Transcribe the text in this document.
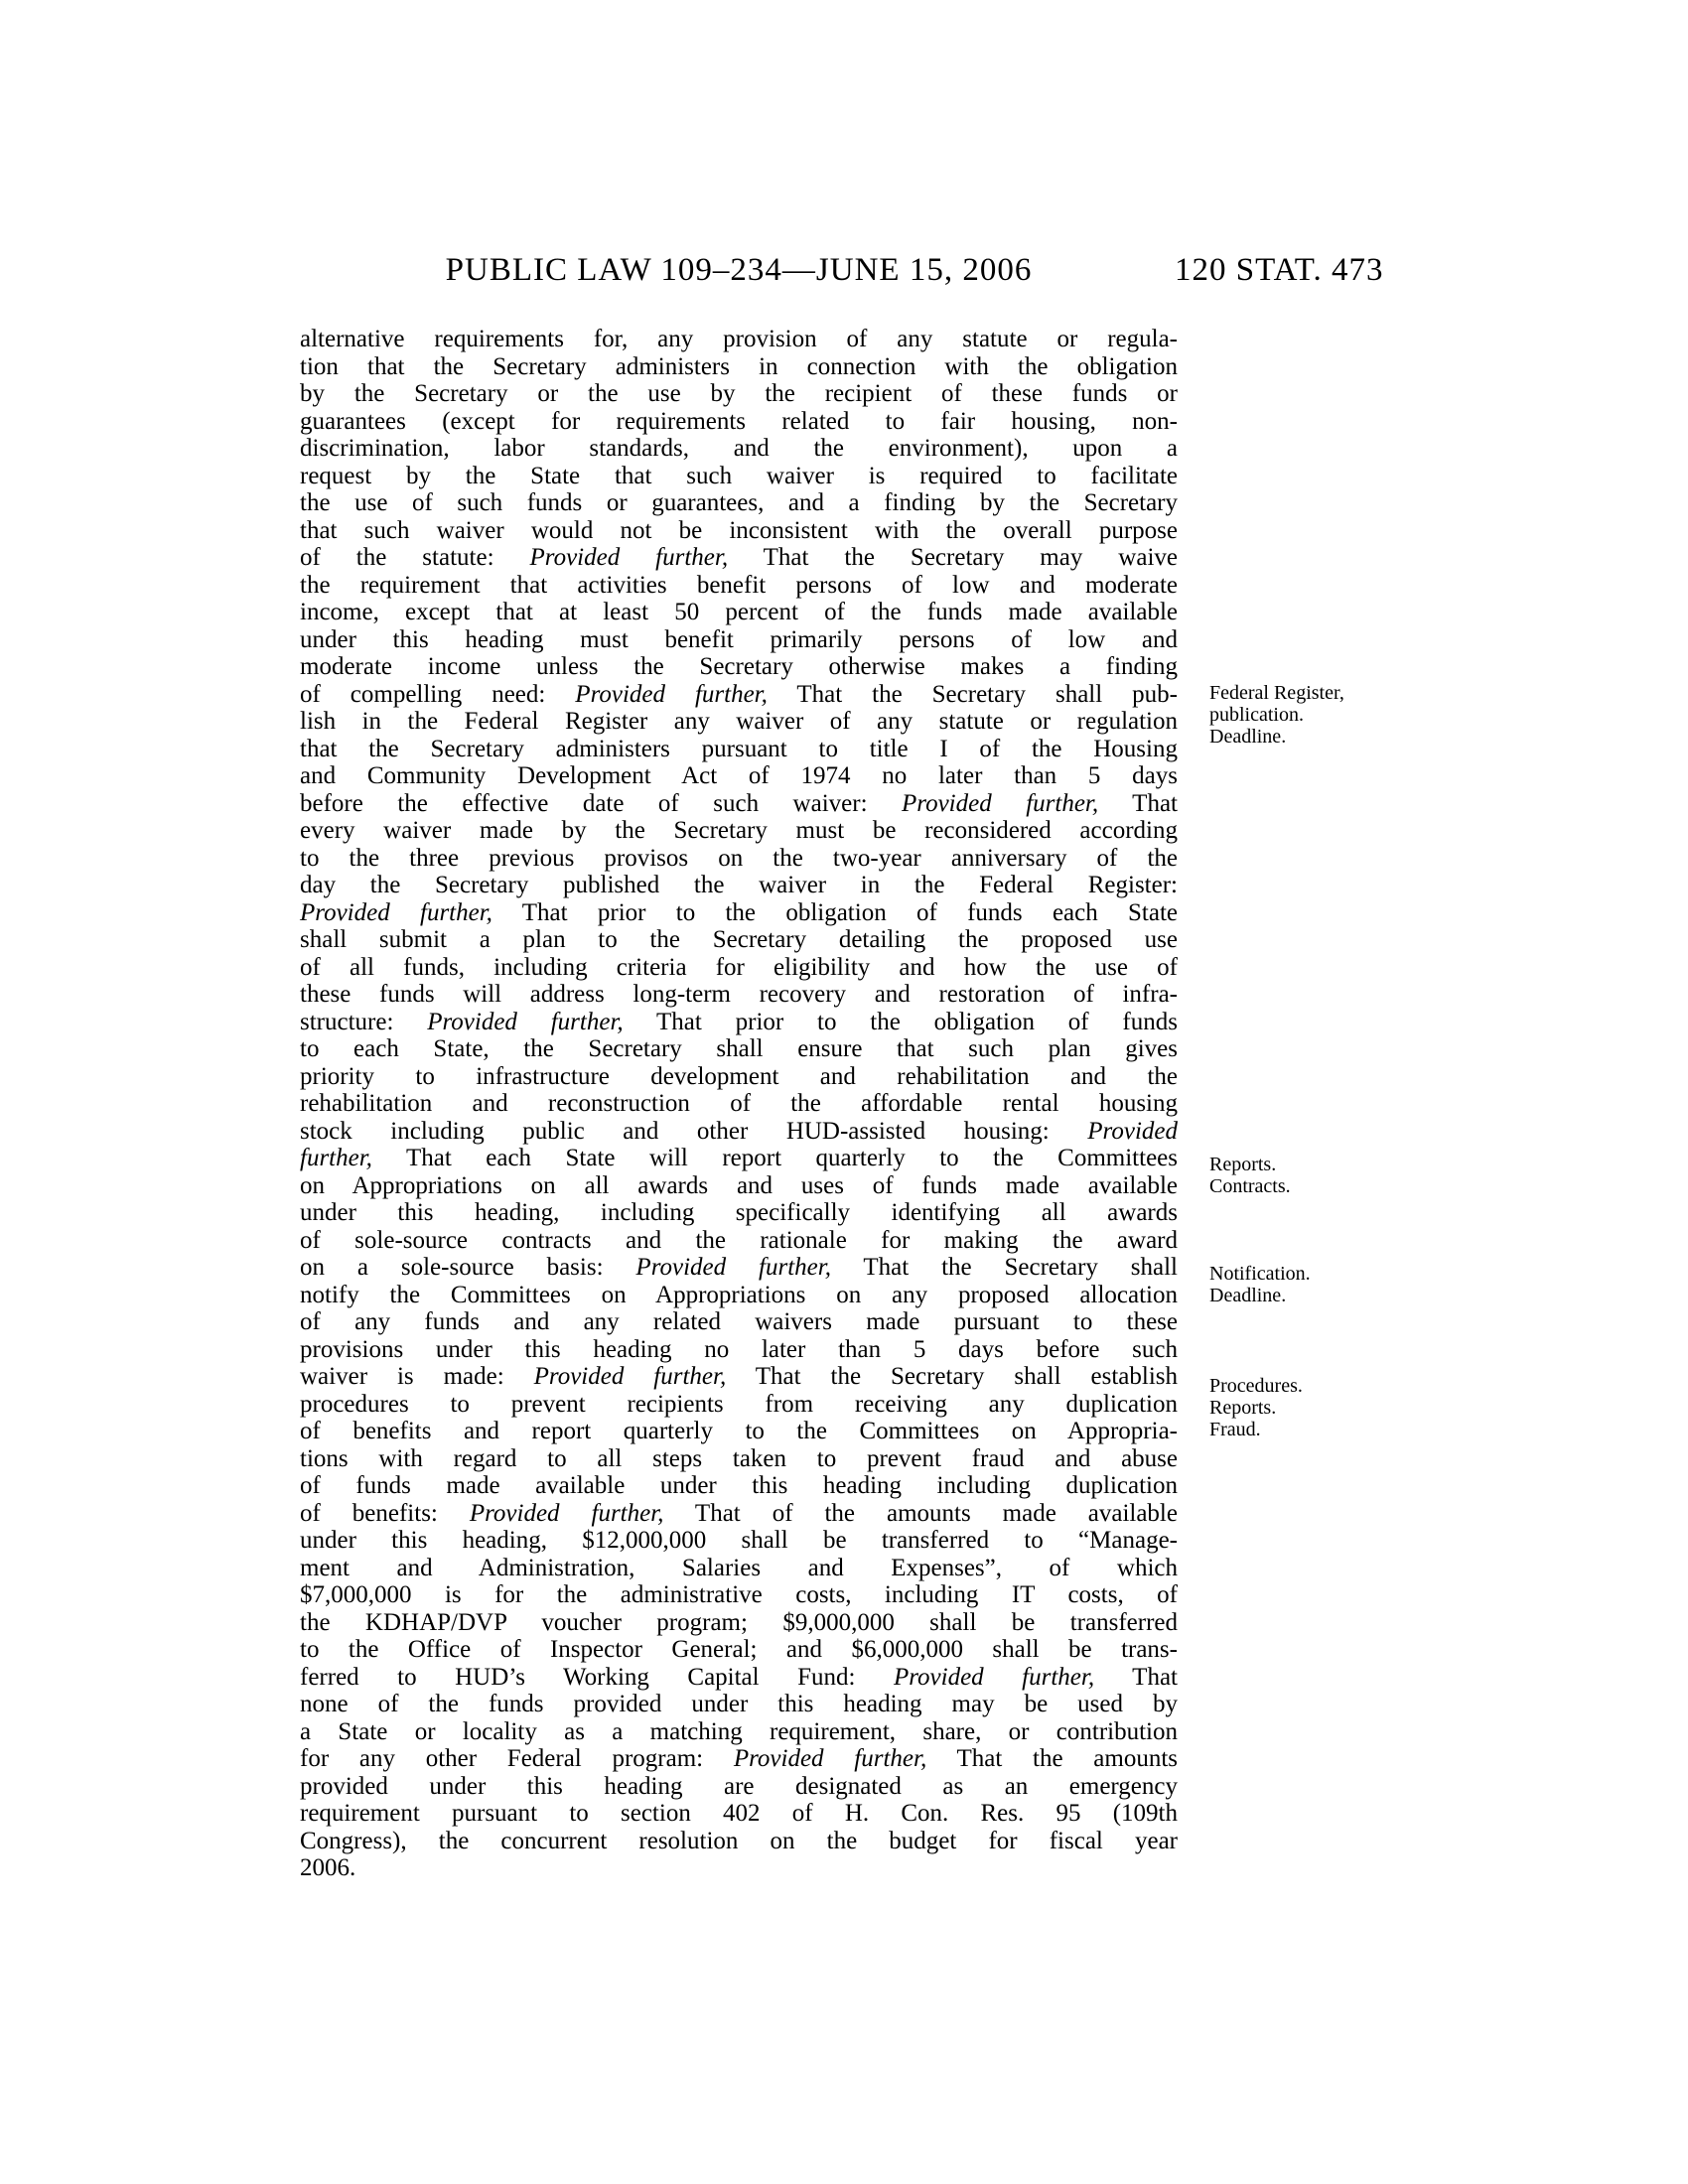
PUBLIC LAW 109–234—JUNE 15, 2006	120 STAT. 473
alternative requirements for, any provision of any statute or regula-
tion that the Secretary administers in connection with the obligation
by the Secretary or the use by the recipient of these funds or
guarantees (except for requirements related to fair housing, non-
discrimination, labor standards, and the environment), upon a
request by the State that such waiver is required to facilitate
the use of such funds or guarantees, and a finding by the Secretary
that such waiver would not be inconsistent with the overall purpose
of the statute: Provided further, That the Secretary may waive
the requirement that activities benefit persons of low and moderate
income, except that at least 50 percent of the funds made available
under this heading must benefit primarily persons of low and
moderate income unless the Secretary otherwise makes a finding
of compelling need: Provided further, That the Secretary shall pub-
lish in the Federal Register any waiver of any statute or regulation
that the Secretary administers pursuant to title I of the Housing
and Community Development Act of 1974 no later than 5 days
before the effective date of such waiver: Provided further, That
every waiver made by the Secretary must be reconsidered according
to the three previous provisos on the two-year anniversary of the
day the Secretary published the waiver in the Federal Register:
Provided further, That prior to the obligation of funds each State
shall submit a plan to the Secretary detailing the proposed use
of all funds, including criteria for eligibility and how the use of
these funds will address long-term recovery and restoration of infra-
structure: Provided further, That prior to the obligation of funds
to each State, the Secretary shall ensure that such plan gives
priority to infrastructure development and rehabilitation and the
rehabilitation and reconstruction of the affordable rental housing
stock including public and other HUD-assisted housing: Provided
further, That each State will report quarterly to the Committees
on Appropriations on all awards and uses of funds made available
under this heading, including specifically identifying all awards
of sole-source contracts and the rationale for making the award
on a sole-source basis: Provided further, That the Secretary shall
notify the Committees on Appropriations on any proposed allocation
of any funds and any related waivers made pursuant to these
provisions under this heading no later than 5 days before such
waiver is made: Provided further, That the Secretary shall establish
procedures to prevent recipients from receiving any duplication
of benefits and report quarterly to the Committees on Appropria-
tions with regard to all steps taken to prevent fraud and abuse
of funds made available under this heading including duplication
of benefits: Provided further, That of the amounts made available
under this heading, $12,000,000 shall be transferred to “Manage-
ment and Administration, Salaries and Expenses”, of which
$7,000,000 is for the administrative costs, including IT costs, of
the KDHAP/DVP voucher program; $9,000,000 shall be transferred
to the Office of Inspector General; and $6,000,000 shall be trans-
ferred to HUD’s Working Capital Fund: Provided further, That
none of the funds provided under this heading may be used by
a State or locality as a matching requirement, share, or contribution
for any other Federal program: Provided further, That the amounts
provided under this heading are designated as an emergency
requirement pursuant to section 402 of H. Con. Res. 95 (109th
Congress), the concurrent resolution on the budget for fiscal year
2006.
Federal Register,
publication.
Deadline.
Reports.
Contracts.
Notification.
Deadline.
Procedures.
Reports.
Fraud.
